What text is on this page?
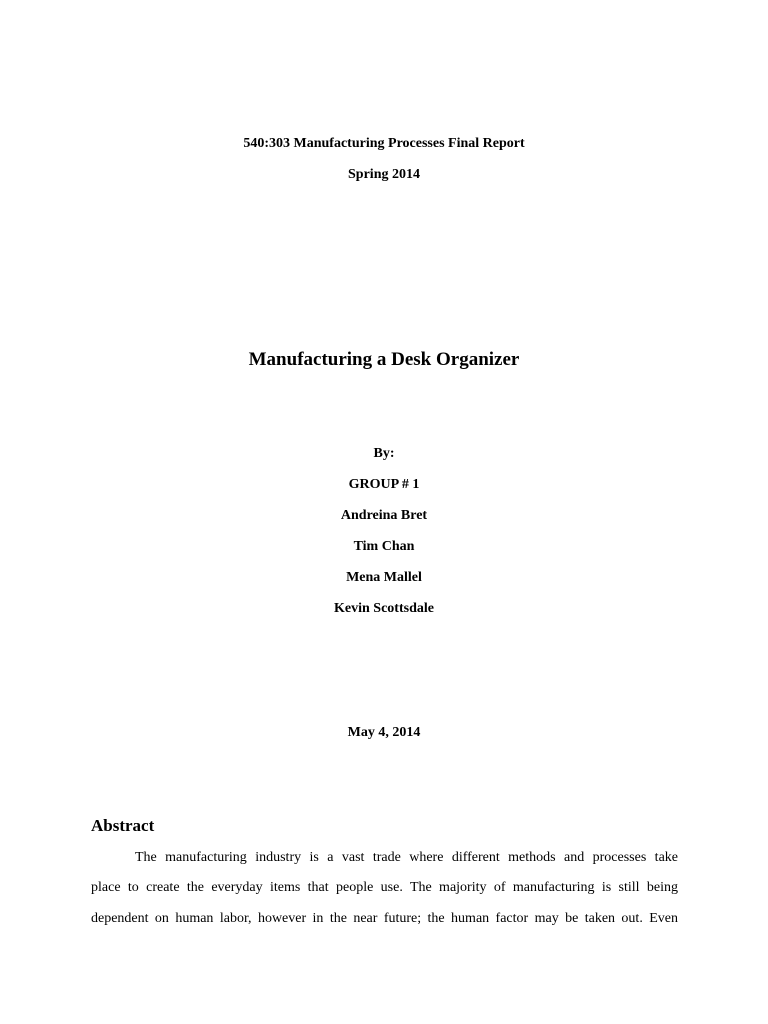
540:303 Manufacturing Processes Final Report
Spring 2014
Manufacturing a Desk Organizer
By:
GROUP # 1
Andreina Bret
Tim Chan
Mena Mallel
Kevin Scottsdale
May 4, 2014
Abstract
The manufacturing industry is a vast trade where different methods and processes take
place to create the everyday items that people use. The majority of manufacturing is still being
dependent on human labor, however in the near future; the human factor may be taken out. Even
